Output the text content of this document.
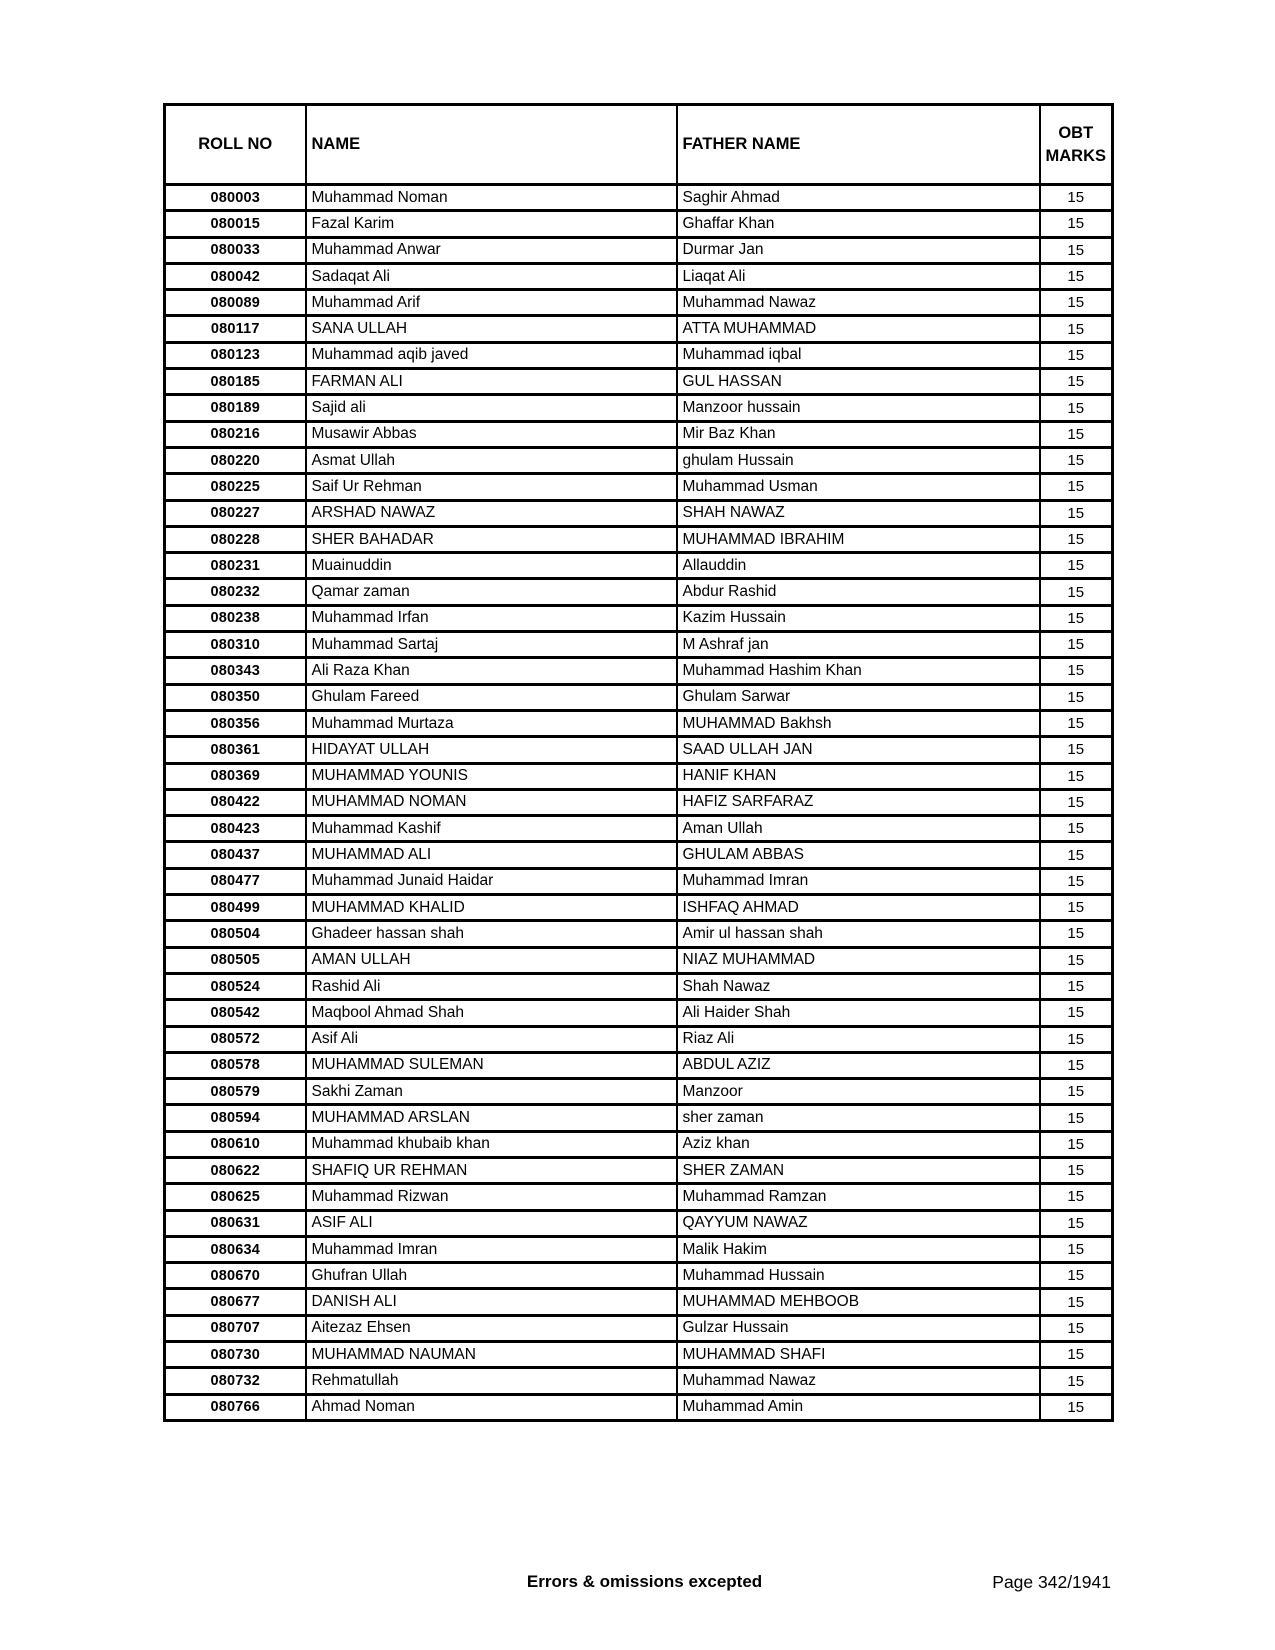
ROLL NO	NAME	FATHER NAME	OBT
MARKS

080003	Muhammad Noman	Saghir Ahmad	15
080015	Fazal Karim	Ghaffar Khan	15
080033	Muhammad Anwar	Durmar Jan	15
080042	Sadaqat Ali	Liaqat Ali	15
080089	Muhammad Arif	Muhammad Nawaz	15
080117	SANA ULLAH	ATTA MUHAMMAD	15
080123	Muhammad aqib javed	Muhammad iqbal	15
080185	FARMAN ALI	GUL HASSAN	15
080189	Sajid ali	Manzoor hussain	15
080216	Musawir Abbas	Mir Baz Khan	15
080220	Asmat Ullah	ghulam Hussain	15
080225	Saif Ur Rehman	Muhammad Usman	15
080227	ARSHAD NAWAZ	SHAH NAWAZ	15
080228	SHER BAHADAR	MUHAMMAD IBRAHIM	15
080231	Muainuddin	Allauddin	15
080232	Qamar zaman	Abdur Rashid	15
080238	Muhammad Irfan	Kazim Hussain	15
080310	Muhammad Sartaj	M Ashraf jan	15
080343	Ali Raza Khan	Muhammad Hashim Khan	15
080350	Ghulam Fareed	Ghulam Sarwar	15
080356	Muhammad Murtaza	MUHAMMAD Bakhsh	15
080361	HIDAYAT ULLAH	SAAD ULLAH JAN	15
080369	MUHAMMAD YOUNIS	HANIF KHAN	15
080422	MUHAMMAD NOMAN	HAFIZ SARFARAZ	15
080423	Muhammad Kashif	Aman Ullah	15
080437	MUHAMMAD ALI	GHULAM ABBAS	15
080477	Muhammad Junaid Haidar	Muhammad Imran	15
080499	MUHAMMAD KHALID	ISHFAQ AHMAD	15
080504	Ghadeer hassan shah	Amir ul hassan shah	15
080505	AMAN ULLAH	NIAZ MUHAMMAD	15
080524	Rashid Ali	Shah Nawaz	15
080542	Maqbool Ahmad Shah	Ali Haider Shah	15
080572	Asif Ali	Riaz Ali	15
080578	MUHAMMAD SULEMAN	ABDUL AZIZ	15
080579	Sakhi Zaman	Manzoor	15
080594	MUHAMMAD ARSLAN	sher zaman	15
080610	Muhammad khubaib khan	Aziz khan	15
080622	SHAFIQ UR REHMAN	SHER ZAMAN	15
080625	Muhammad Rizwan	Muhammad Ramzan	15
080631	ASIF ALI	QAYYUM NAWAZ	15
080634	Muhammad Imran	Malik Hakim	15
080670	Ghufran Ullah	Muhammad Hussain	15
080677	DANISH ALI	MUHAMMAD MEHBOOB	15
080707	Aitezaz Ehsen	Gulzar Hussain	15
080730	MUHAMMAD NAUMAN	MUHAMMAD SHAFI	15
080732	Rehmatullah	Muhammad Nawaz	15
080766	Ahmad Noman	Muhammad Amin	15
Errors & omissions excepted	Page 342/1941
